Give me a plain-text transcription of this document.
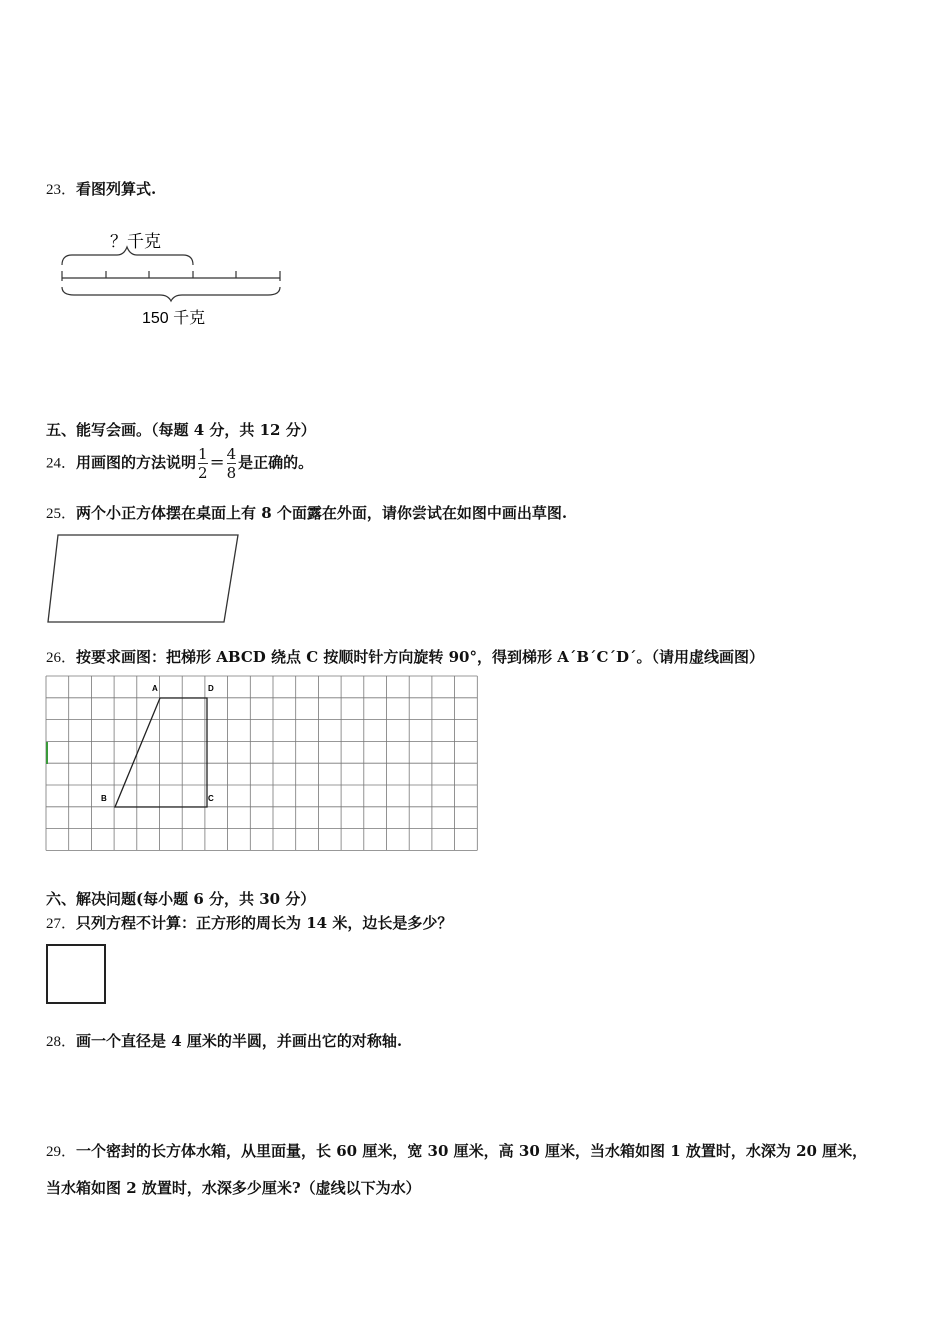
23．看图列算式.
？千克
150 千克
五、能写会画。（每题 4 分，共 12 分）
24．用画图的方法说明 $\frac{1}{2} = \frac{4}{8}$ 是正确的。
25．两个小正方体摆在桌面上有 8 个面露在外面，请你尝试在如图中画出草图.
26．按要求画图：把梯形 ABCD 绕点 C 按顺时针方向旋转 90°，得到梯形 A´B´C´D´。（请用虚线画图）
A	D
B	C
六、解决问题(每小题 6 分，共 30 分）
27．只列方程不计算：正方形的周长为 14 米，边长是多少？
28．画一个直径是 4 厘米的半圆，并画出它的对称轴.
29．一个密封的长方体水箱，从里面量，长 60 厘米，宽 30 厘米，高 30 厘米，当水箱如图 1 放置时，水深为 20 厘米，
当水箱如图 2 放置时，水深多少厘米?（虚线以下为水）
